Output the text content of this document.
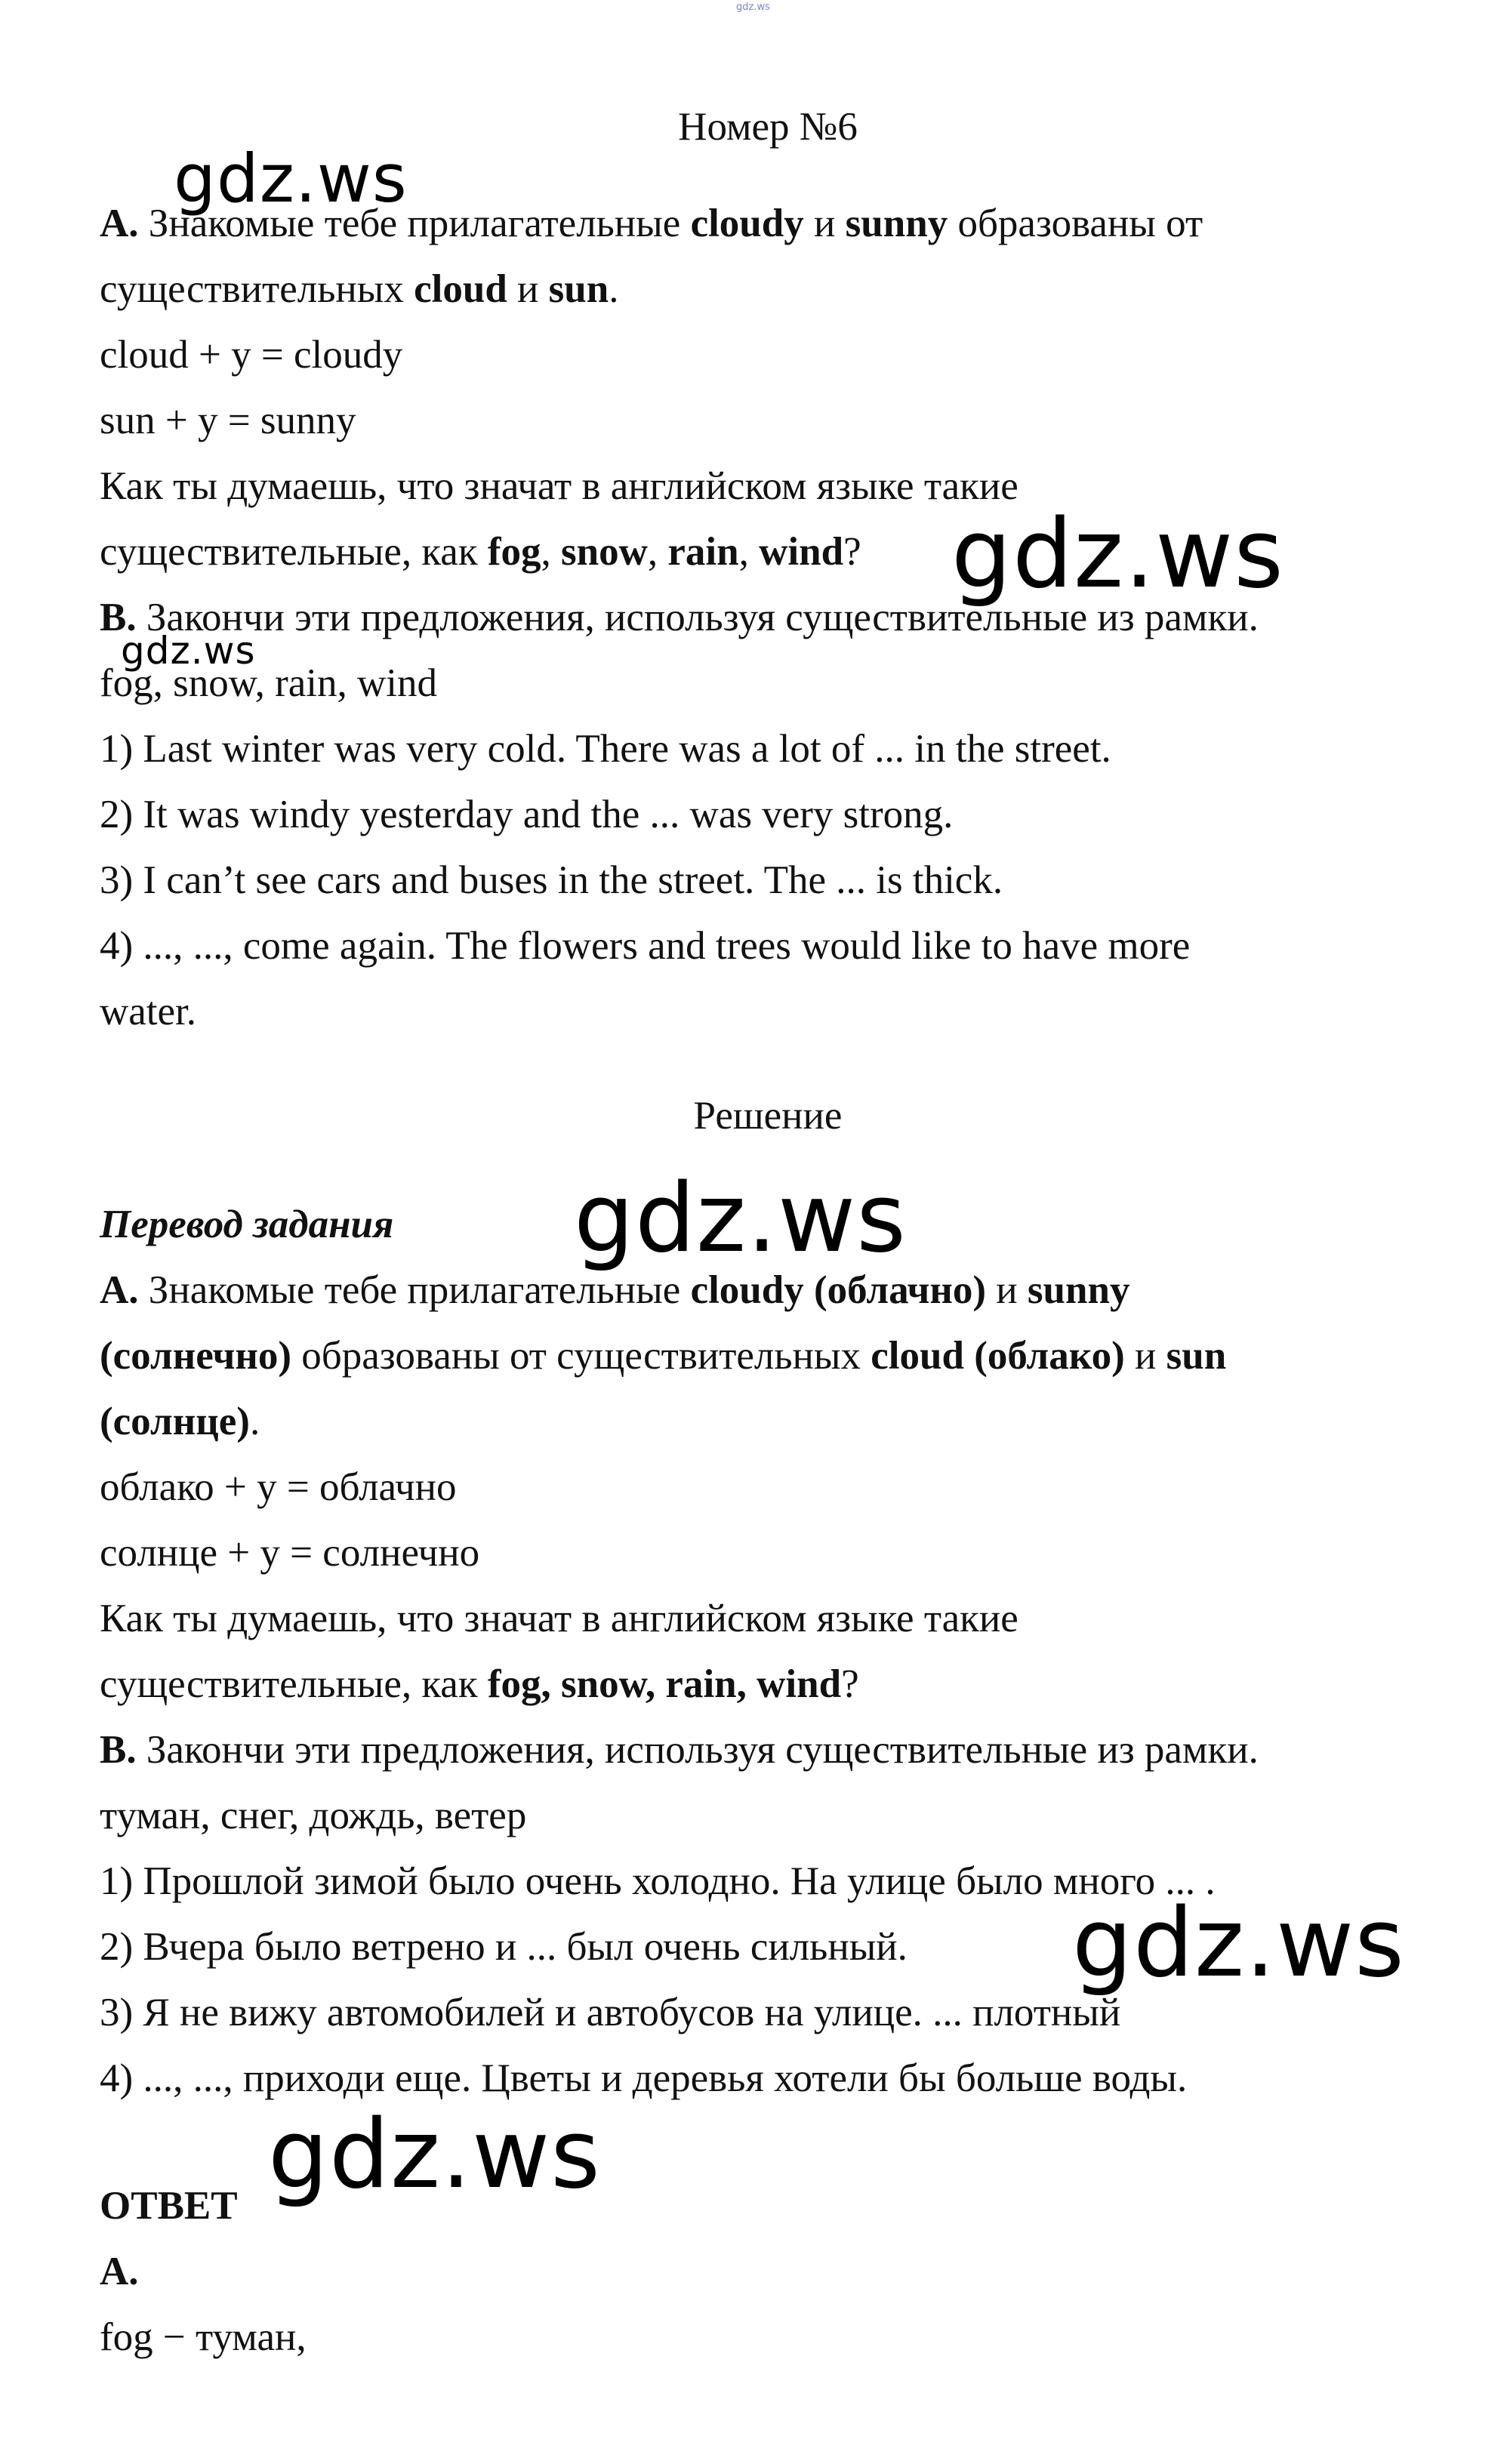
gdz.ws
Номер №6
A. Знакомые тебе прилагательные cloudy и sunny образованы от
существительных cloud и sun.
cloud + y = cloudy
sun + y = sunny
Как ты думаешь, что значат в английском языке такие
существительные, как fog, snow, rain, wind?
B. Закончи эти предложения, используя существительные из рамки.
fog, snow, rain, wind
1) Last winter was very cold. There was a lot of ... in the street.
2) It was windy yesterday and the ... was very strong.
3) I can’t see cars and buses in the street. The ... is thick.
4) ..., ..., come again. The flowers and trees would like to have more
water.
Решение
Перевод задания
A. Знакомые тебе прилагательные cloudy (облачно) и sunny
(солнечно) образованы от существительных cloud (облако) и sun
(солнце).
облако + y = облачно
солнце + y = солнечно
Как ты думаешь, что значат в английском языке такие
существительные, как fog, snow, rain, wind?
B. Закончи эти предложения, используя существительные из рамки.
туман, снег, дождь, ветер
1) Прошлой зимой было очень холодно. На улице было много ... .
2) Вчера было ветрено и ... был очень сильный.
3) Я не вижу автомобилей и автобусов на улице. ... плотный
4) ..., ..., приходи еще. Цветы и деревья хотели бы больше воды.
ОТВЕТ
A.
fog − туман,
gdz.ws
gdz.ws
gdz.ws
gdz.ws
gdz.ws
gdz.ws
